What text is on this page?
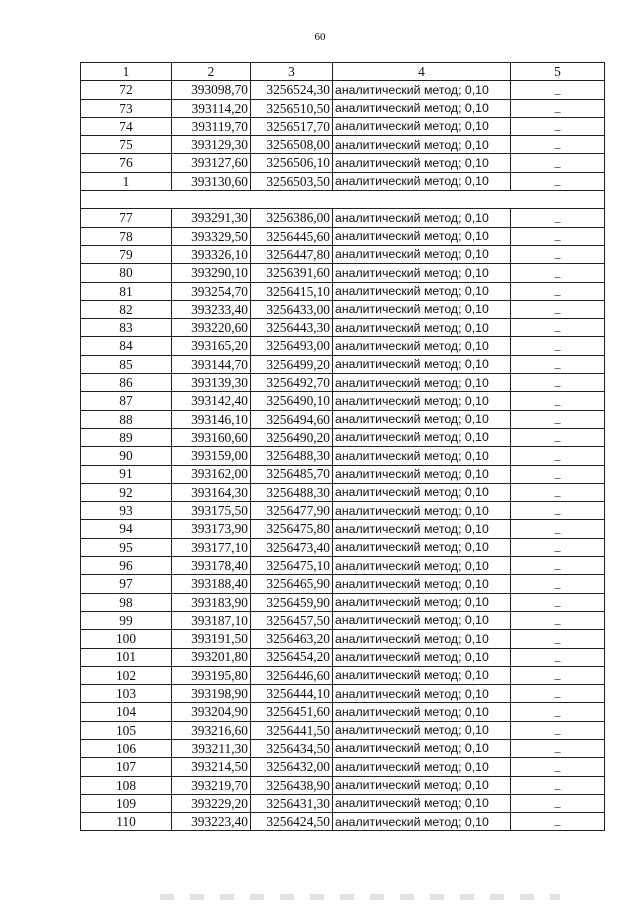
60
1	2	3	4	5
72	393098,70	3256524,30	аналитический метод; 0,10	–
73	393114,20	3256510,50	аналитический метод; 0,10	–
74	393119,70	3256517,70	аналитический метод; 0,10	–
75	393129,30	3256508,00	аналитический метод; 0,10	–
76	393127,60	3256506,10	аналитический метод; 0,10	–
1	393130,60	3256503,50	аналитический метод; 0,10	–

77	393291,30	3256386,00	аналитический метод; 0,10	–
78	393329,50	3256445,60	аналитический метод; 0,10	–
79	393326,10	3256447,80	аналитический метод; 0,10	–
80	393290,10	3256391,60	аналитический метод; 0,10	–
81	393254,70	3256415,10	аналитический метод; 0,10	–
82	393233,40	3256433,00	аналитический метод; 0,10	–
83	393220,60	3256443,30	аналитический метод; 0,10	–
84	393165,20	3256493,00	аналитический метод; 0,10	–
85	393144,70	3256499,20	аналитический метод; 0,10	–
86	393139,30	3256492,70	аналитический метод; 0,10	–
87	393142,40	3256490,10	аналитический метод; 0,10	–
88	393146,10	3256494,60	аналитический метод; 0,10	–
89	393160,60	3256490,20	аналитический метод; 0,10	–
90	393159,00	3256488,30	аналитический метод; 0,10	–
91	393162,00	3256485,70	аналитический метод; 0,10	–
92	393164,30	3256488,30	аналитический метод; 0,10	–
93	393175,50	3256477,90	аналитический метод; 0,10	–
94	393173,90	3256475,80	аналитический метод; 0,10	–
95	393177,10	3256473,40	аналитический метод; 0,10	–
96	393178,40	3256475,10	аналитический метод; 0,10	–
97	393188,40	3256465,90	аналитический метод; 0,10	–
98	393183,90	3256459,90	аналитический метод; 0,10	–
99	393187,10	3256457,50	аналитический метод; 0,10	–
100	393191,50	3256463,20	аналитический метод; 0,10	–
101	393201,80	3256454,20	аналитический метод; 0,10	–
102	393195,80	3256446,60	аналитический метод; 0,10	–
103	393198,90	3256444,10	аналитический метод; 0,10	–
104	393204,90	3256451,60	аналитический метод; 0,10	–
105	393216,60	3256441,50	аналитический метод; 0,10	–
106	393211,30	3256434,50	аналитический метод; 0,10	–
107	393214,50	3256432,00	аналитический метод; 0,10	–
108	393219,70	3256438,90	аналитический метод; 0,10	–
109	393229,20	3256431,30	аналитический метод; 0,10	–
110	393223,40	3256424,50	аналитический метод; 0,10	–
